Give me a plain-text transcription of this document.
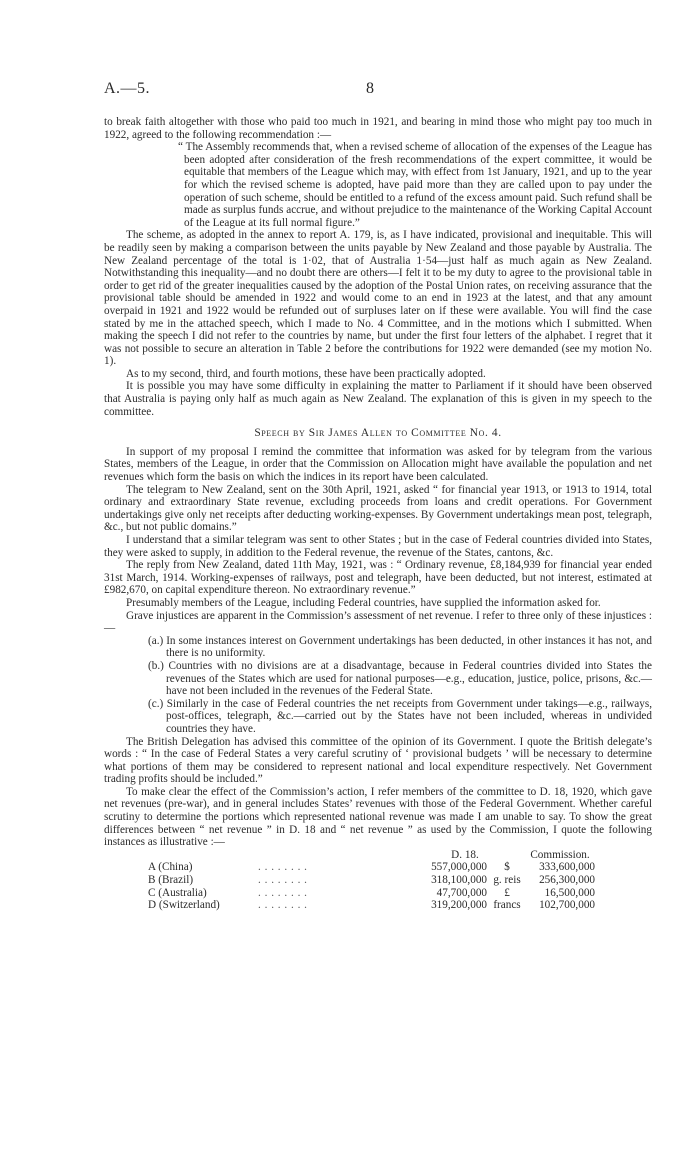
A.—5.	8

to break faith altogether with those who paid too much in 1921, and bearing in mind those who might pay too much in 1922, agreed to the following recommendation :—

“ The Assembly recommends that, when a revised scheme of allocation of the expenses of the League has been adopted after consideration of the fresh recommendations of the expert committee, it would be equitable that members of the League which may, with effect from 1st January, 1921, and up to the year for which the revised scheme is adopted, have paid more than they are called upon to pay under the operation of such scheme, should be entitled to a refund of the excess amount paid. Such refund shall be made as surplus funds accrue, and without prejudice to the maintenance of the Working Capital Account of the League at its full normal figure.”

The scheme, as adopted in the annex to report A. 179, is, as I have indicated, provisional and inequitable. This will be readily seen by making a comparison between the units payable by New Zealand and those payable by Australia. The New Zealand percentage of the total is 1·02, that of Australia 1·54—just half as much again as New Zealand. Notwithstanding this inequality—and no doubt there are others—I felt it to be my duty to agree to the provisional table in order to get rid of the greater inequalities caused by the adoption of the Postal Union rates, on receiving assurance that the provisional table should be amended in 1922 and would come to an end in 1923 at the latest, and that any amount overpaid in 1921 and 1922 would be refunded out of surpluses later on if these were available. You will find the case stated by me in the attached speech, which I made to No. 4 Committee, and in the motions which I submitted. When making the speech I did not refer to the countries by name, but under the first four letters of the alphabet. I regret that it was not possible to secure an alteration in Table 2 before the contributions for 1922 were demanded (see my motion No. 1).

As to my second, third, and fourth motions, these have been practically adopted.

It is possible you may have some difficulty in explaining the matter to Parliament if it should have been observed that Australia is paying only half as much again as New Zealand. The explanation of this is given in my speech to the committee.

Speech by Sir James Allen to Committee No. 4.

In support of my proposal I remind the committee that information was asked for by telegram from the various States, members of the League, in order that the Commission on Allocation might have available the population and net revenues which form the basis on which the indices in its report have been calculated.

The telegram to New Zealand, sent on the 30th April, 1921, asked “ for financial year 1913, or 1913 to 1914, total ordinary and extraordinary State revenue, excluding proceeds from loans and credit operations. For Government undertakings give only net receipts after deducting working-expenses. By Government undertakings mean post, telegraph, &c., but not public domains.”

I understand that a similar telegram was sent to other States ; but in the case of Federal countries divided into States, they were asked to supply, in addition to the Federal revenue, the revenue of the States, cantons, &c.

The reply from New Zealand, dated 11th May, 1921, was : “ Ordinary revenue, £8,184,939 for financial year ended 31st March, 1914. Working-expenses of railways, post and telegraph, have been deducted, but not interest, estimated at £982,670, on capital expenditure thereon. No extraordinary revenue.”

Presumably members of the League, including Federal countries, have supplied the information asked for.

Grave injustices are apparent in the Commission’s assessment of net revenue. I refer to three only of these injustices : —

(a.) In some instances interest on Government undertakings has been deducted, in other instances it has not, and there is no uniformity.

(b.) Countries with no divisions are at a disadvantage, because in Federal countries divided into States the revenues of the States which are used for national purposes—e.g., education, justice, police, prisons, &c.—have not been included in the revenues of the Federal State.

(c.) Similarly in the case of Federal countries the net receipts from Government under takings—e.g., railways, post-offices, telegraph, &c.—carried out by the States have not been included, whereas in undivided countries they have.

The British Delegation has advised this committee of the opinion of its Government. I quote the British delegate’s words : “ In the case of Federal States a very careful scrutiny of ‘ provisional budgets ’ will be necessary to determine what portions of them may be considered to represent national and local expenditure respectively. Net Government trading profits should be included.”

To make clear the effect of the Commission’s action, I refer members of the committee to D. 18, 1920, which gave net revenues (pre-war), and in general includes States’ revenues with those of the Federal Government. Whether careful scrutiny to determine the portions which represented national revenue was made I am unable to say. To show the great differences between “ net revenue ” in D. 18 and “ net revenue ” as used by the Commission, I quote the following instances as illustrative :—

D. 18.	Commission.
A (China)	. . . . . . . .	557,000,000	$	333,600,000
B (Brazil)	. . . . . . . .	318,100,000 g. reis	256,300,000
C (Australia)	. . . . . . . .	47,700,000	£	16,500,000
D (Switzerland)	. . . . . . . .	319,200,000 francs	102,700,000
